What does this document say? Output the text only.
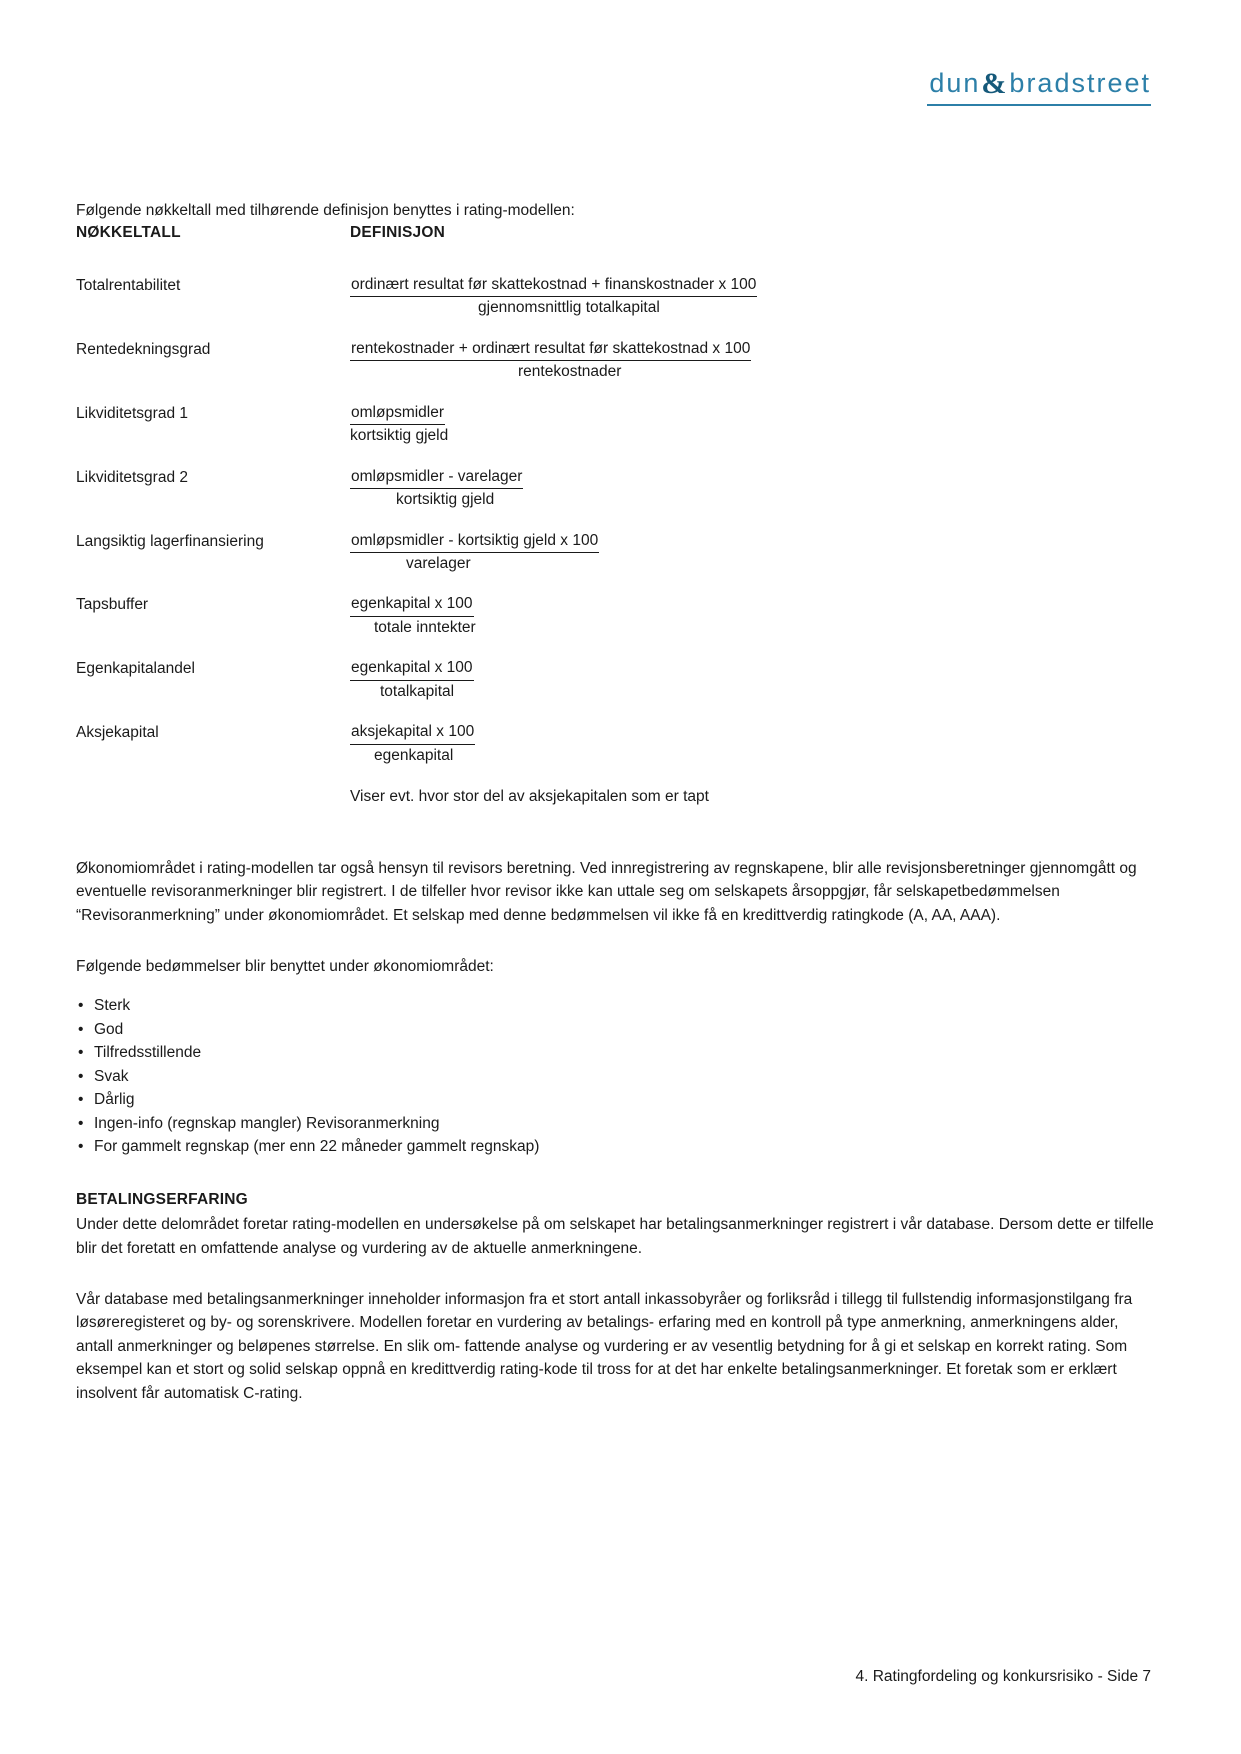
dun & bradstreet

Følgende nøkkeltall med tilhørende definisjon benyttes i rating-modellen:

NØKKELTALL	DEFINISJON
Totalrentabilitet	ordinært resultat før skattekostnad + finanskostnader x 100
gjennomsnittlig totalkapital

Rentedekningsgrad	rentekostnader + ordinært resultat før skattekostnad x 100
rentekostnader

Likviditetsgrad 1	omløpsmidler
kortsiktig gjeld

Likviditetsgrad 2	omløpsmidler - varelager
kortsiktig gjeld

Langsiktig lagerfinansiering	omløpsmidler - kortsiktig gjeld x 100
varelager

Tapsbuffer	egenkapital x 100
totale inntekter

Egenkapitalandel	egenkapital x 100
totalkapital

Aksjekapital	aksjekapital x 100
egenkapital

	Viser evt. hvor stor del av aksjekapitalen som er tapt

Økonomiområdet i rating-modellen tar også hensyn til revisors beretning. Ved innregistrering av regnskapene, blir alle revisjonsberetninger gjennomgått og eventuelle revisoranmerkninger blir registrert. I de tilfeller hvor revisor ikke kan uttale seg om selskapets årsoppgjør, får selskapetbedømmelsen “Revisoranmerkning” under økonomiområdet. Et selskap med denne bedømmelsen vil ikke få en kredittverdig ratingkode (A, AA, AAA).

Følgende bedømmelser blir benyttet under økonomiområdet:

• Sterk
• God
• Tilfredsstillende
• Svak
• Dårlig
• Ingen-info (regnskap mangler) Revisoranmerkning
• For gammelt regnskap (mer enn 22 måneder gammelt regnskap)
BETALINGSERFARING

Under dette delområdet foretar rating-modellen en undersøkelse på om selskapet har betalingsanmerkninger registrert i vår database. Dersom dette er tilfelle blir det foretatt en omfattende analyse og vurdering av de aktuelle anmerkningene.

Vår database med betalingsanmerkninger inneholder informasjon fra et stort antall inkassobyråer og forliksråd i tillegg til fullstendig informasjonstilgang fra løsøreregisteret og by- og sorenskrivere. Modellen foretar en vurdering av betalings- erfaring med en kontroll på type anmerkning, anmerkningens alder, antall anmerkninger og beløpenes størrelse. En slik om- fattende analyse og vurdering er av vesentlig betydning for å gi et selskap en korrekt rating. Som eksempel kan et stort og solid selskap oppnå en kredittverdig rating-kode til tross for at det har enkelte betalingsanmerkninger. Et foretak som er erklært insolvent får automatisk C-rating.

4. Ratingfordeling og konkursrisiko - Side 7
